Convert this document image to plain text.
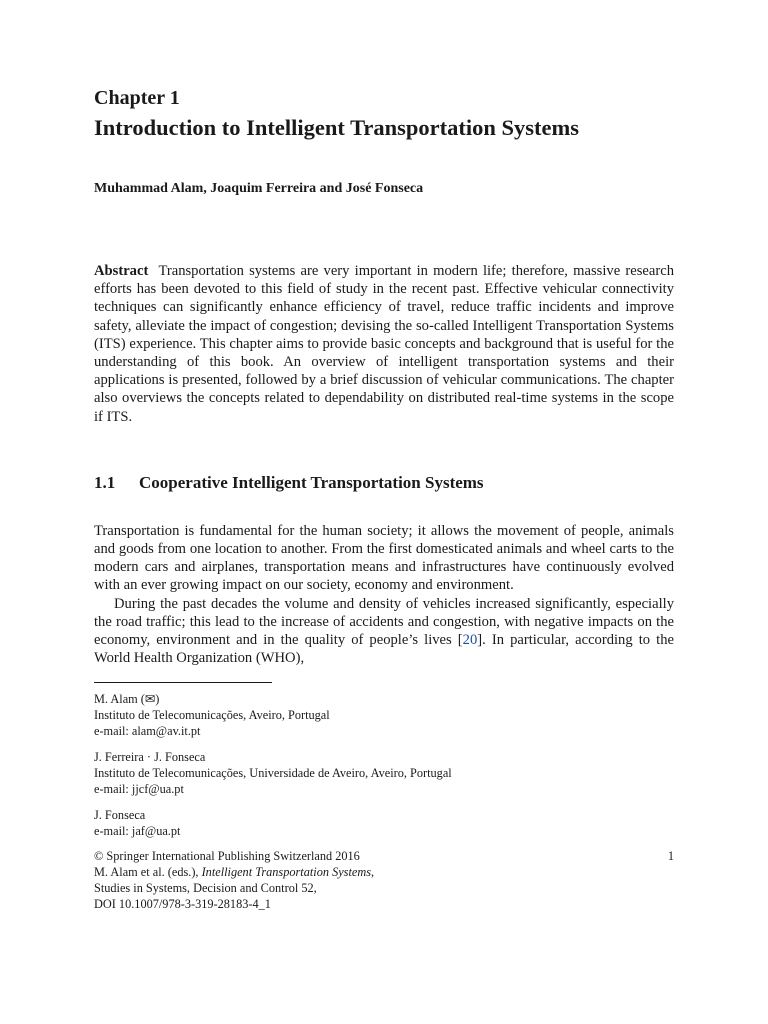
Chapter 1
Introduction to Intelligent Transportation Systems
Muhammad Alam, Joaquim Ferreira and José Fonseca

Abstract Transportation systems are very important in modern life; therefore, massive research efforts has been devoted to this field of study in the recent past. Effective vehicular connectivity techniques can significantly enhance efficiency of travel, reduce traffic incidents and improve safety, alleviate the impact of congestion; devising the so-called Intelligent Transportation Systems (ITS) experience. This chapter aims to provide basic concepts and background that is useful for the understanding of this book. An overview of intelligent transportation systems and their applications is presented, followed by a brief discussion of vehicular communications. The chapter also overviews the concepts related to dependability on distributed real-time systems in the scope if ITS.

1.1	Cooperative Intelligent Transportation Systems

Transportation is fundamental for the human society; it allows the movement of people, animals and goods from one location to another. From the first domesticated animals and wheel carts to the modern cars and airplanes, transportation means and infrastructures have continuously evolved with an ever growing impact on our society, economy and environment.

During the past decades the volume and density of vehicles increased significantly, especially the road traffic; this lead to the increase of accidents and congestion, with negative impacts on the economy, environment and in the quality of people’s lives [20]. In particular, according to the World Health Organization (WHO),

M. Alam (✉)
Instituto de Telecomunicações, Aveiro, Portugal
e-mail: alam@av.it.pt
J. Ferreira · J. Fonseca
Instituto de Telecomunicações, Universidade de Aveiro, Aveiro, Portugal
e-mail: jjcf@ua.pt
J. Fonseca
e-mail: jaf@ua.pt
1
© Springer International Publishing Switzerland 2016
M. Alam et al. (eds.), Intelligent Transportation Systems,
Studies in Systems, Decision and Control 52,
DOI 10.1007/978-3-319-28183-4_1
